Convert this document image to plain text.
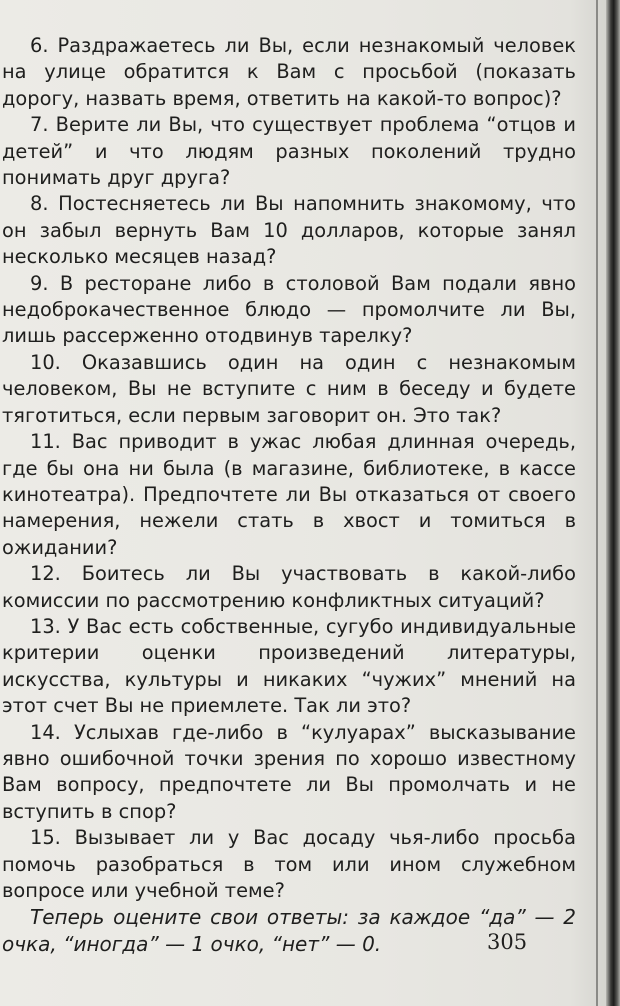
6. Раздражаетесь ли Вы, если незнакомый человек на улице обратится к Вам с просьбой (показать дорогу, назвать время, ответить на какой-то вопрос)?

7. Верите ли Вы, что существует проблема “отцов и детей” и что людям разных поколений трудно понимать друг друга?

8. Постесняетесь ли Вы напомнить знакомому, что он забыл вернуть Вам 10 долларов, которые занял несколько месяцев назад?

9. В ресторане либо в столовой Вам подали явно недоброкачественное блюдо — промолчите ли Вы, лишь рассерженно отодвинув тарелку?

10. Оказавшись один на один с незнакомым человеком, Вы не вступите с ним в беседу и будете тяготиться, если первым заговорит он. Это так?

11. Вас приводит в ужас любая длинная очередь, где бы она ни была (в магазине, библиотеке, в кассе кинотеатра). Предпочтете ли Вы отказаться от своего намерения, нежели стать в хвост и томиться в ожидании?

12. Боитесь ли Вы участвовать в какой-либо комиссии по рассмотрению конфликтных ситуаций?

13. У Вас есть собственные, сугубо индивидуальные критерии оценки произведений литературы, искусства, культуры и никаких “чужих” мнений на этот счет Вы не приемлете. Так ли это?

14. Услыхав где-либо в “кулуарах” высказывание явно ошибочной точки зрения по хорошо известному Вам вопросу, предпочтете ли Вы промолчать и не вступить в спор?

15. Вызывает ли у Вас досаду чья-либо просьба помочь разобраться в том или ином служебном вопросе или учебной теме?

Теперь оцените свои ответы: за каждое “да” — 2 очка, “иногда” — 1 очко, “нет” — 0.	305
